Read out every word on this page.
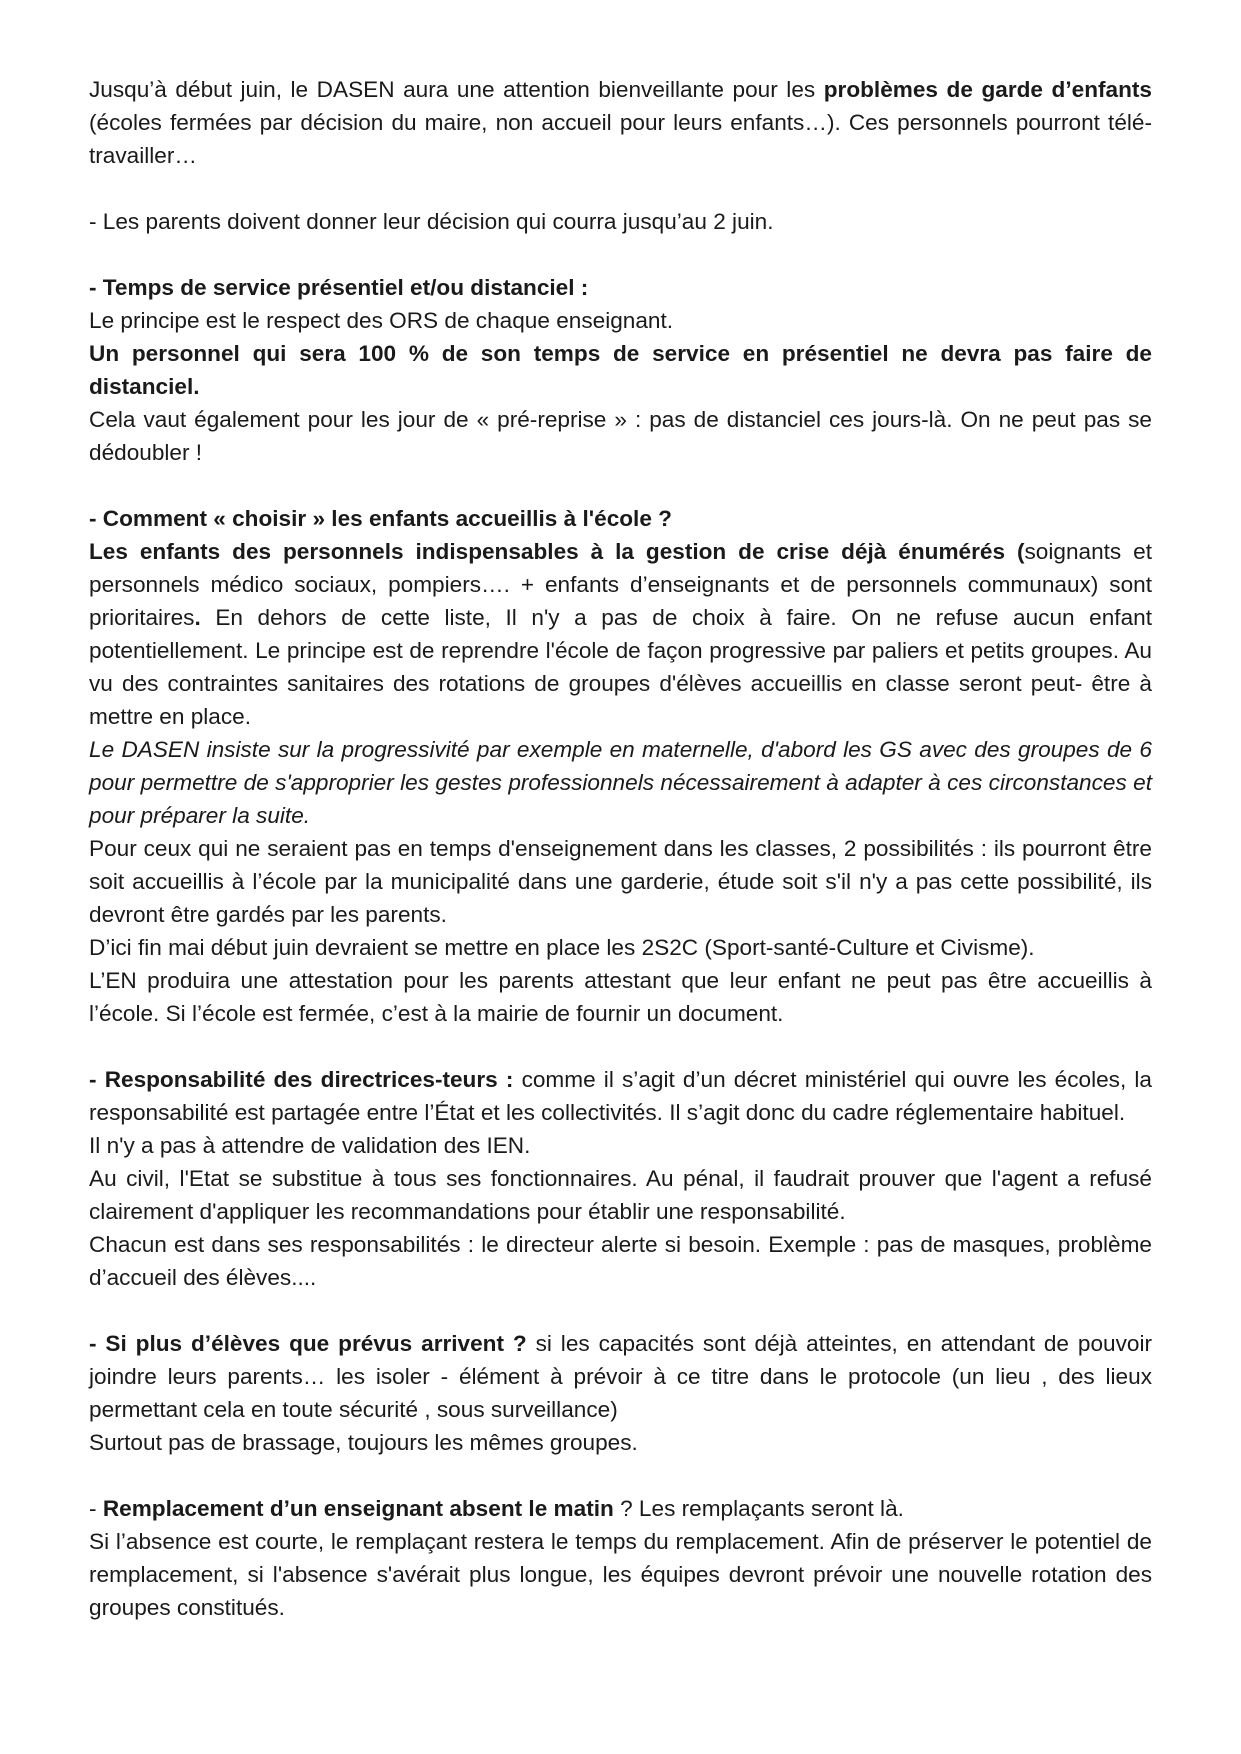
Jusqu’à début juin, le DASEN aura une attention bienveillante pour les problèmes de garde d’enfants (écoles fermées par décision du maire, non accueil pour leurs enfants…). Ces personnels pourront télé-travailler…

- Les parents doivent donner leur décision qui courra jusqu’au 2 juin.

- Temps de service présentiel et/ou distanciel :

Le principe est le respect des ORS de chaque enseignant.

Un personnel qui sera 100 % de son temps de service en présentiel ne devra pas faire de distanciel.

Cela vaut également pour les jour de « pré-reprise » : pas de distanciel ces jours-là. On ne peut pas se dédoubler !

- Comment « choisir » les enfants accueillis à l'école ?

Les enfants des personnels indispensables à la gestion de crise déjà énumérés (soignants et personnels médico sociaux, pompiers…. + enfants d’enseignants et de personnels communaux) sont prioritaires. En dehors de cette liste, Il n'y a pas de choix à faire. On ne refuse aucun enfant potentiellement. Le principe est de reprendre l'école de façon progressive par paliers et petits groupes. Au vu des contraintes sanitaires des rotations de groupes d'élèves accueillis en classe seront peut- être à mettre en place.

Le DASEN insiste sur la progressivité par exemple en maternelle, d'abord les GS avec des groupes de 6 pour permettre de s'approprier les gestes professionnels nécessairement à adapter à ces circonstances et pour préparer la suite.

Pour ceux qui ne seraient pas en temps d'enseignement dans les classes, 2 possibilités : ils pourront être soit accueillis à l’école par la municipalité dans une garderie, étude soit s'il n'y a pas cette possibilité, ils devront être gardés par les parents.

D’ici fin mai début juin devraient se mettre en place les 2S2C (Sport-santé-Culture et Civisme).

L’EN produira une attestation pour les parents attestant que leur enfant ne peut pas être accueillis à l’école. Si l’école est fermée, c’est à la mairie de fournir un document.

- Responsabilité des directrices-teurs : comme il s’agit d’un décret ministériel qui ouvre les écoles, la responsabilité est partagée entre l’État et les collectivités. Il s’agit donc du cadre réglementaire habituel.

Il n'y a pas à attendre de validation des IEN.

Au civil, l'Etat se substitue à tous ses fonctionnaires. Au pénal, il faudrait prouver que l'agent a refusé clairement d'appliquer les recommandations pour établir une responsabilité.

Chacun est dans ses responsabilités : le directeur alerte si besoin. Exemple : pas de masques, problème d’accueil des élèves....

- Si plus d’élèves que prévus arrivent ? si les capacités sont déjà atteintes, en attendant de pouvoir joindre leurs parents… les isoler - élément à prévoir à ce titre dans le protocole (un lieu , des lieux permettant cela en toute sécurité , sous surveillance)

Surtout pas de brassage, toujours les mêmes groupes.

- Remplacement d’un enseignant absent le matin ? Les remplaçants seront là.

Si l’absence est courte, le remplaçant restera le temps du remplacement. Afin de préserver le potentiel de remplacement, si l'absence s'avérait plus longue, les équipes devront prévoir une nouvelle rotation des groupes constitués.
